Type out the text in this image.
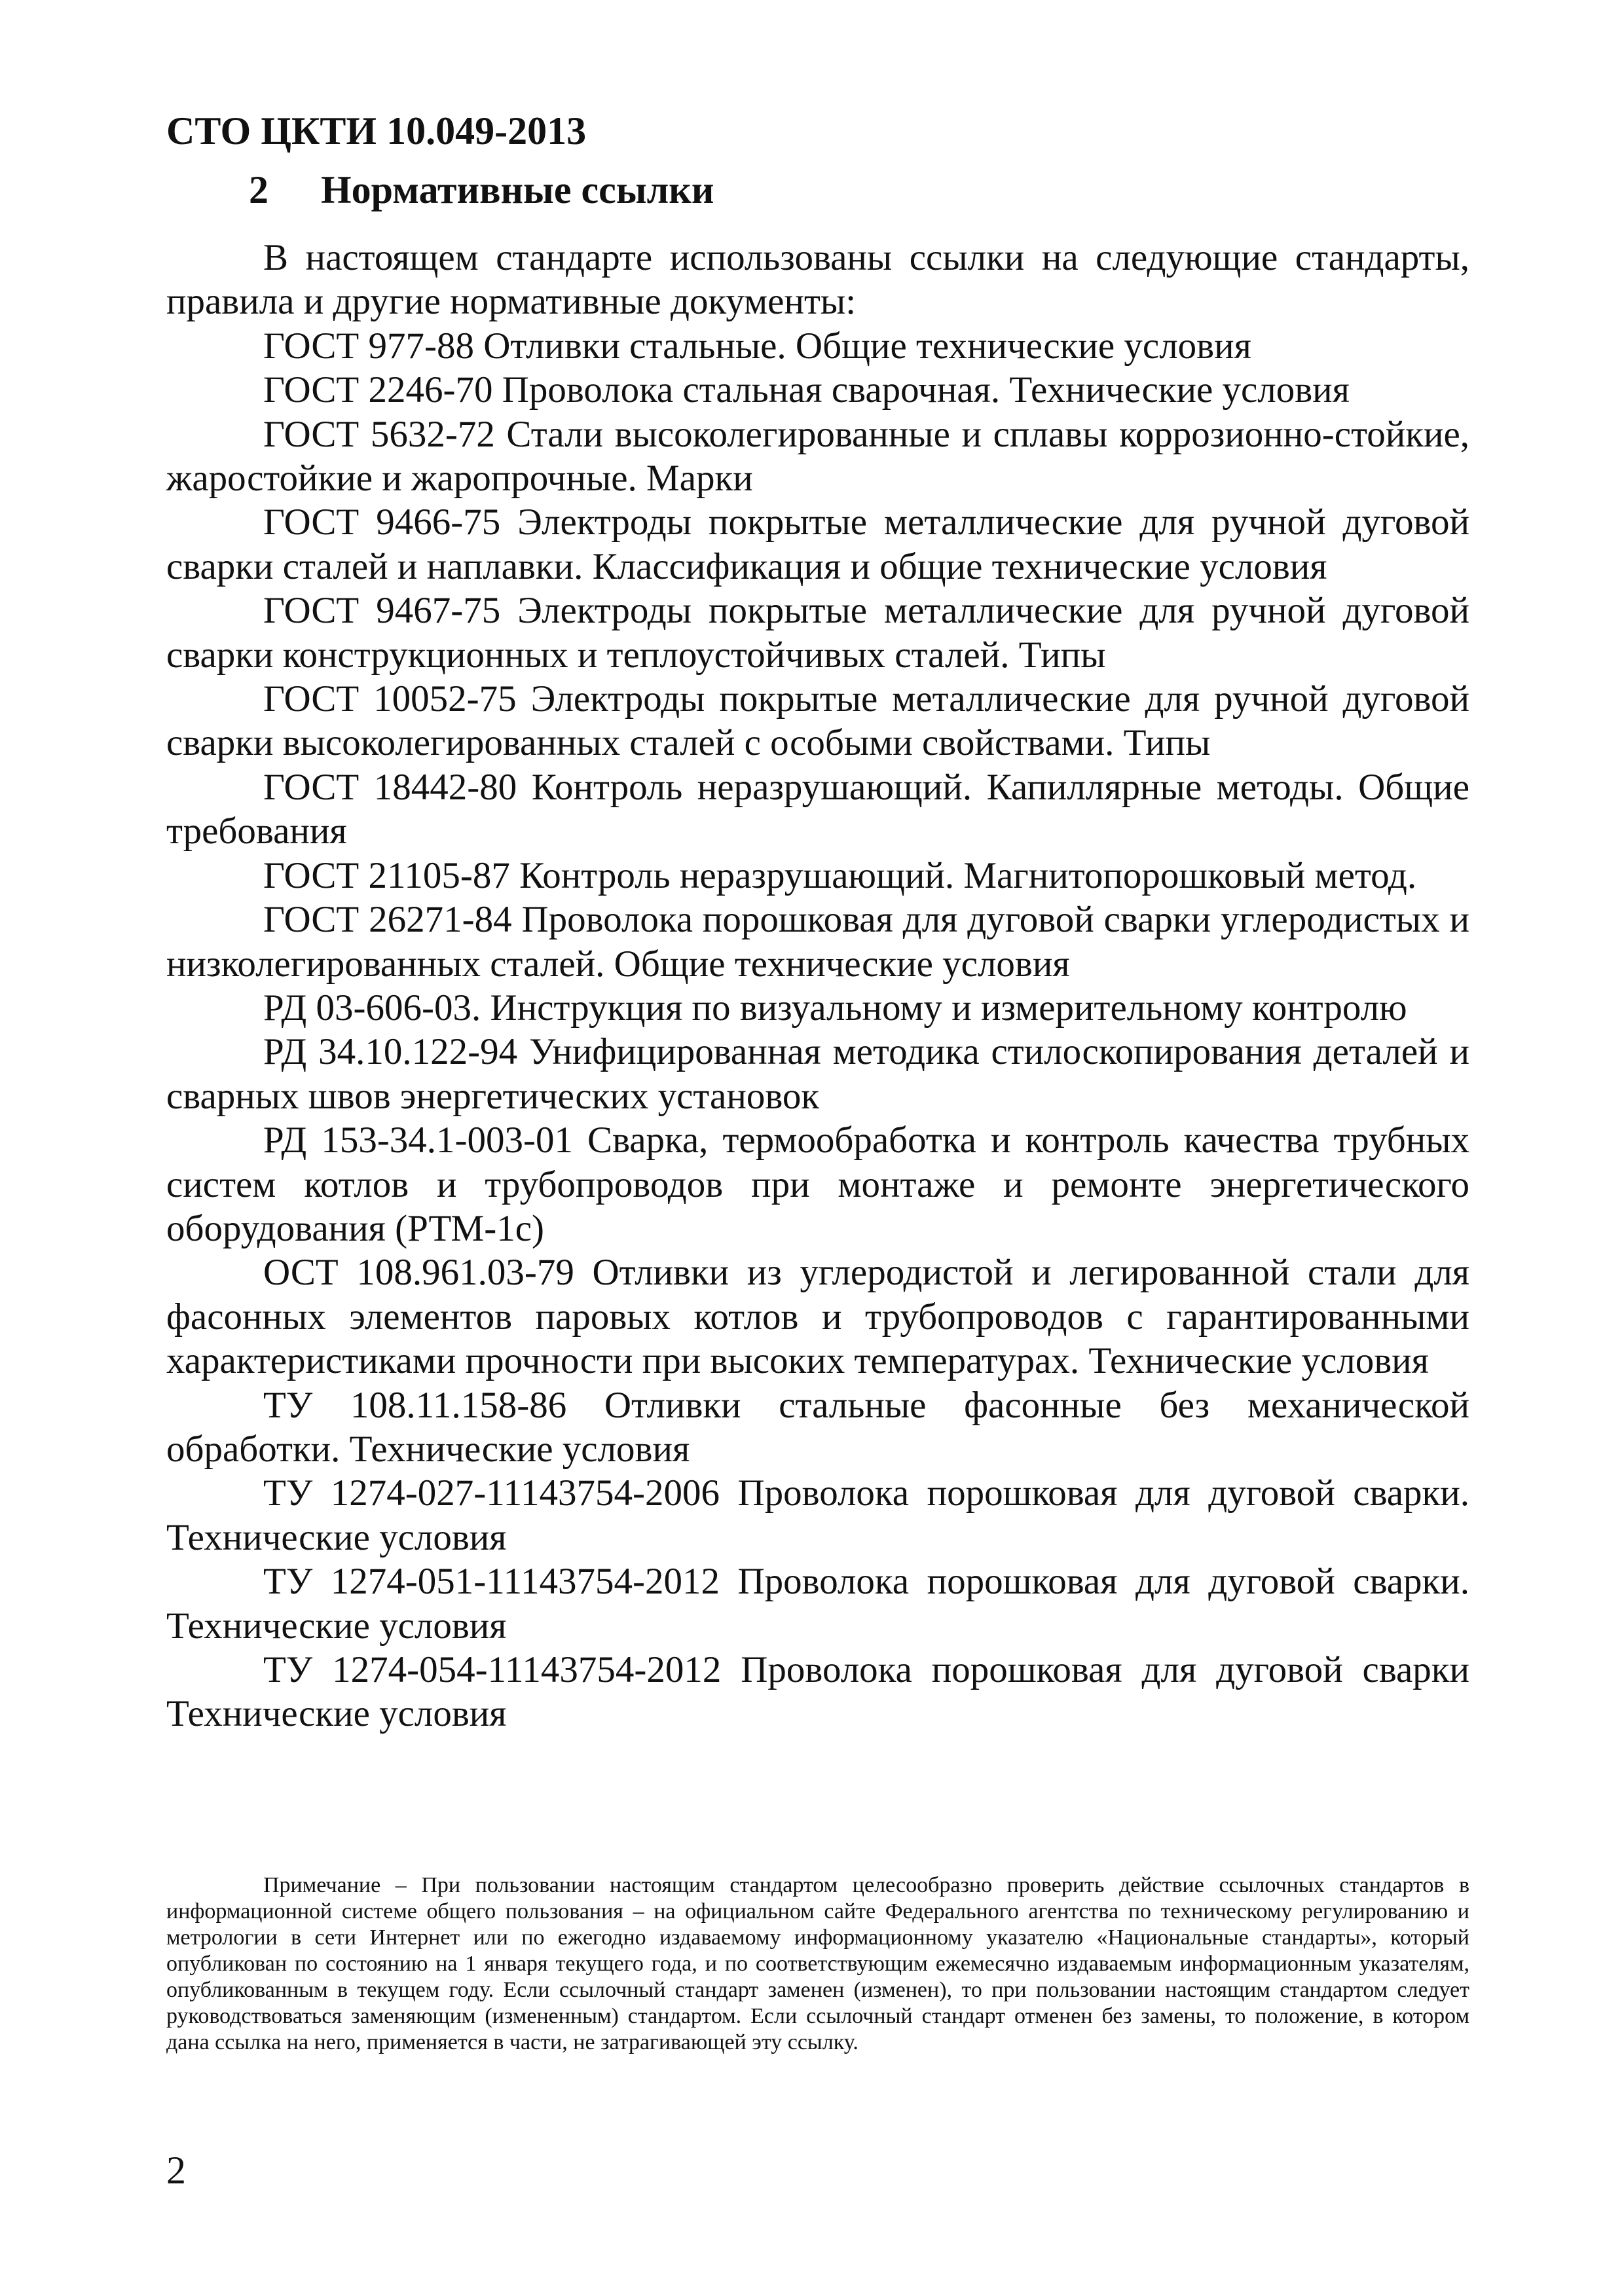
СТО ЦКТИ 10.049-2013
2 Нормативные ссылки

В настоящем стандарте использованы ссылки на следующие стандарты, правила и другие нормативные документы:

ГОСТ 977-88 Отливки стальные. Общие технические условия

ГОСТ 2246-70 Проволока стальная сварочная. Технические условия

ГОСТ 5632-72 Стали высоколегированные и сплавы коррозионно-стойкие, жаростойкие и жаропрочные. Марки

ГОСТ 9466-75 Электроды покрытые металлические для ручной дуговой сварки сталей и наплавки. Классификация и общие технические условия

ГОСТ 9467-75 Электроды покрытые металлические для ручной дуговой сварки конструкционных и теплоустойчивых сталей. Типы

ГОСТ 10052-75 Электроды покрытые металлические для ручной дуговой сварки высоколегированных сталей с особыми свойствами. Типы

ГОСТ 18442-80 Контроль неразрушающий. Капиллярные методы. Общие требования

ГОСТ 21105-87 Контроль неразрушающий. Магнитопорошковый метод.

ГОСТ 26271-84 Проволока порошковая для дуговой сварки углеродистых и низколегированных сталей. Общие технические условия

РД 03-606-03. Инструкция по визуальному и измерительному контролю

РД 34.10.122-94 Унифицированная методика стилоскопирования деталей и сварных швов энергетических установок

РД 153-34.1-003-01 Сварка, термообработка и контроль качества трубных систем котлов и трубопроводов при монтаже и ремонте энергетического оборудования (РТМ-1с)

ОСТ 108.961.03-79 Отливки из углеродистой и легированной стали для фасонных элементов паровых котлов и трубопроводов с гарантированными характеристиками прочности при высоких температурах. Технические условия

ТУ 108.11.158-86 Отливки стальные фасонные без механической обработки. Технические условия

ТУ 1274-027-11143754-2006 Проволока порошковая для дуговой сварки. Технические условия

ТУ 1274-051-11143754-2012 Проволока порошковая для дуговой сварки. Технические условия

ТУ 1274-054-11143754-2012 Проволока порошковая для дуговой сварки Технические условия

Примечание – При пользовании настоящим стандартом целесообразно проверить действие ссылочных стандартов в информационной системе общего пользования – на официальном сайте Федерального агентства по техническому регулированию и метрологии в сети Интернет или по ежегодно издаваемому информационному указателю «Национальные стандарты», который опубликован по состоянию на 1 января текущего года, и по соответствующим ежемесячно издаваемым информационным указателям, опубликованным в текущем году. Если ссылочный стандарт заменен (изменен), то при пользовании настоящим стандартом следует руководствоваться заменяющим (измененным) стандартом. Если ссылочный стандарт отменен без замены, то положение, в котором дана ссылка на него, применяется в части, не затрагивающей эту ссылку.

2
